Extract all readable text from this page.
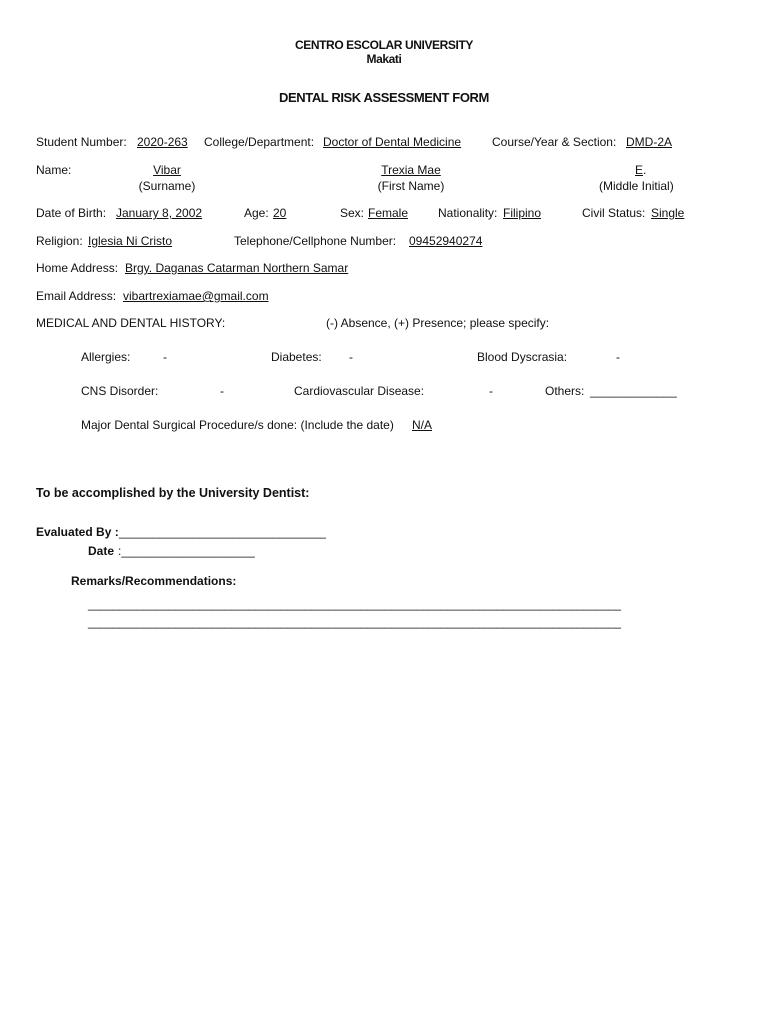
CENTRO ESCOLAR UNIVERSITY
Makati
DENTAL RISK ASSESSMENT FORM
Student Number: 2020-263 College/Department: Doctor of Dental Medicine	Course/Year & Section: DMD-2A
Name:	Vibar
(Surname)
Trexia Mae
(First Name)
E.
(Middle Initial)
Date of Birth: January 8, 2002	Age: 20	Sex: Female Nationality: Filipino	Civil Status: Single
Religion: Iglesia Ni Cristo	Telephone/Cellphone Number: 09452940274
Home Address: Brgy. Daganas Catarman Northern Samar
Email Address: vibartrexiamae@gmail.com
MEDICAL AND DENTAL HISTORY:	(-) Absence, (+) Presence; please specify:
Allergies:	-	Diabetes: -	Blood Dyscrasia:	-
CNS Disorder:	-	Cardiovascular Disease:	-	Others: _____________
Major Dental Surgical Procedure/s done: (Include the date) N/A
To be accomplished by the University Dentist:
Evaluated By : _______________________________
Date :____________________
Remarks/Recommendations:
______________________________________________________________________________________
______________________________________________________________________________________
